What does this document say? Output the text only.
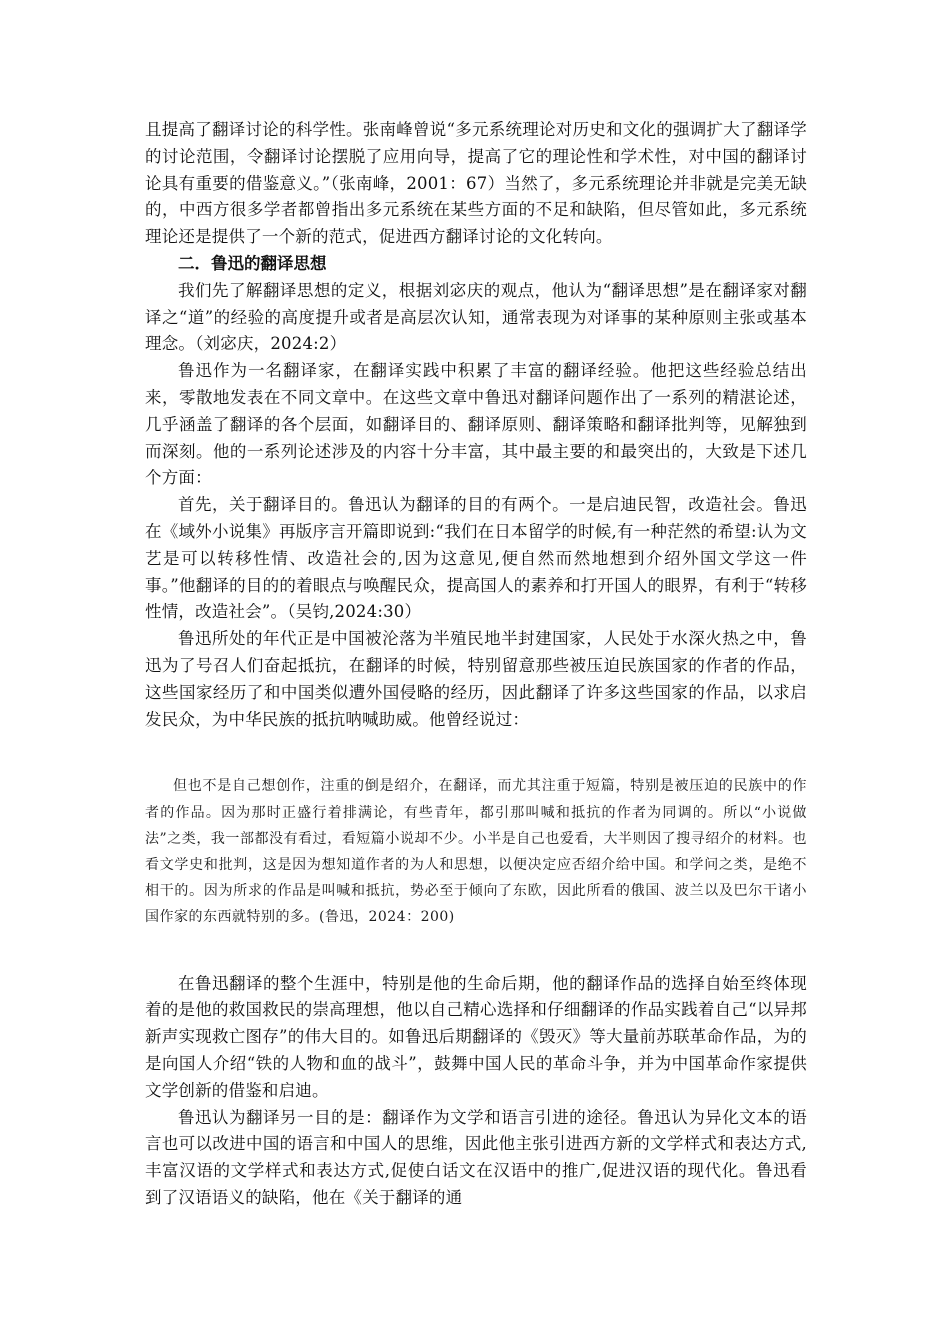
且提高了翻译讨论的科学性。张南峰曾说“多元系统理论对历史和文化的强调扩大了翻译学的讨论范围，令翻译讨论摆脱了应用向导，提高了它的理论性和学术性，对中国的翻译讨论具有重要的借鉴意义。”（张南峰，2001：67）当然了，多元系统理论并非就是完美无缺的，中西方很多学者都曾指出多元系统在某些方面的不足和缺陷，但尽管如此，多元系统理论还是提供了一个新的范式，促进西方翻译讨论的文化转向。

二．鲁迅的翻译思想

我们先了解翻译思想的定义，根据刘宓庆的观点，他认为“翻译思想”是在翻译家对翻译之“道”的经验的高度提升或者是高层次认知，通常表现为对译事的某种原则主张或基本理念。（刘宓庆，2024:2）

鲁迅作为一名翻译家，在翻译实践中积累了丰富的翻译经验。他把这些经验总结出来，零散地发表在不同文章中。在这些文章中鲁迅对翻译问题作出了一系列的精湛论述，几乎涵盖了翻译的各个层面，如翻译目的、翻译原则、翻译策略和翻译批判等，见解独到而深刻。他的一系列论述涉及的内容十分丰富，其中最主要的和最突出的，大致是下述几个方面：

首先，关于翻译目的。鲁迅认为翻译的目的有两个。一是启迪民智，改造社会。鲁迅在《域外小说集》再版序言开篇即说到:“我们在日本留学的时候,有一种茫然的希望:认为文艺是可以转移性情、改造社会的,因为这意见,便自然而然地想到介绍外国文学这一件事。”他翻译的目的的着眼点与唤醒民众，提高国人的素养和打开国人的眼界，有利于“转移性情，改造社会”。（吴钧,2024:30）

鲁迅所处的年代正是中国被沦落为半殖民地半封建国家，人民处于水深火热之中，鲁迅为了号召人们奋起抵抗，在翻译的时候，特别留意那些被压迫民族国家的作者的作品，这些国家经历了和中国类似遭外国侵略的经历，因此翻译了许多这些国家的作品，以求启发民众，为中华民族的抵抗呐喊助威。他曾经说过：

但也不是自己想创作，注重的倒是绍介，在翻译，而尤其注重于短篇，特别是被压迫的民族中的作者的作品。因为那时正盛行着排满论，有些青年，都引那叫喊和抵抗的作者为同调的。所以“小说做法”之类，我一部都没有看过，看短篇小说却不少。小半是自己也爱看，大半则因了搜寻绍介的材料。也看文学史和批判，这是因为想知道作者的为人和思想，以便决定应否绍介给中国。和学问之类，是绝不相干的。因为所求的作品是叫喊和抵抗，势必至于倾向了东欧，因此所看的俄国、波兰以及巴尔干诸小国作家的东西就特别的多。(鲁迅，2024：200)

在鲁迅翻译的整个生涯中，特别是他的生命后期，他的翻译作品的选择自始至终体现着的是他的救国救民的崇高理想，他以自己精心选择和仔细翻译的作品实践着自己“以异邦新声实现救亡图存”的伟大目的。如鲁迅后期翻译的《毁灭》等大量前苏联革命作品，为的是向国人介绍“铁的人物和血的战斗”，鼓舞中国人民的革命斗争，并为中国革命作家提供文学创新的借鉴和启迪。

鲁迅认为翻译另一目的是：翻译作为文学和语言引进的途径。鲁迅认为异化文本的语言也可以改进中国的语言和中国人的思维，因此他主张引进西方新的文学样式和表达方式,丰富汉语的文学样式和表达方式,促使白话文在汉语中的推广,促进汉语的现代化。鲁迅看到了汉语语义的缺陷，他在《关于翻译的通
